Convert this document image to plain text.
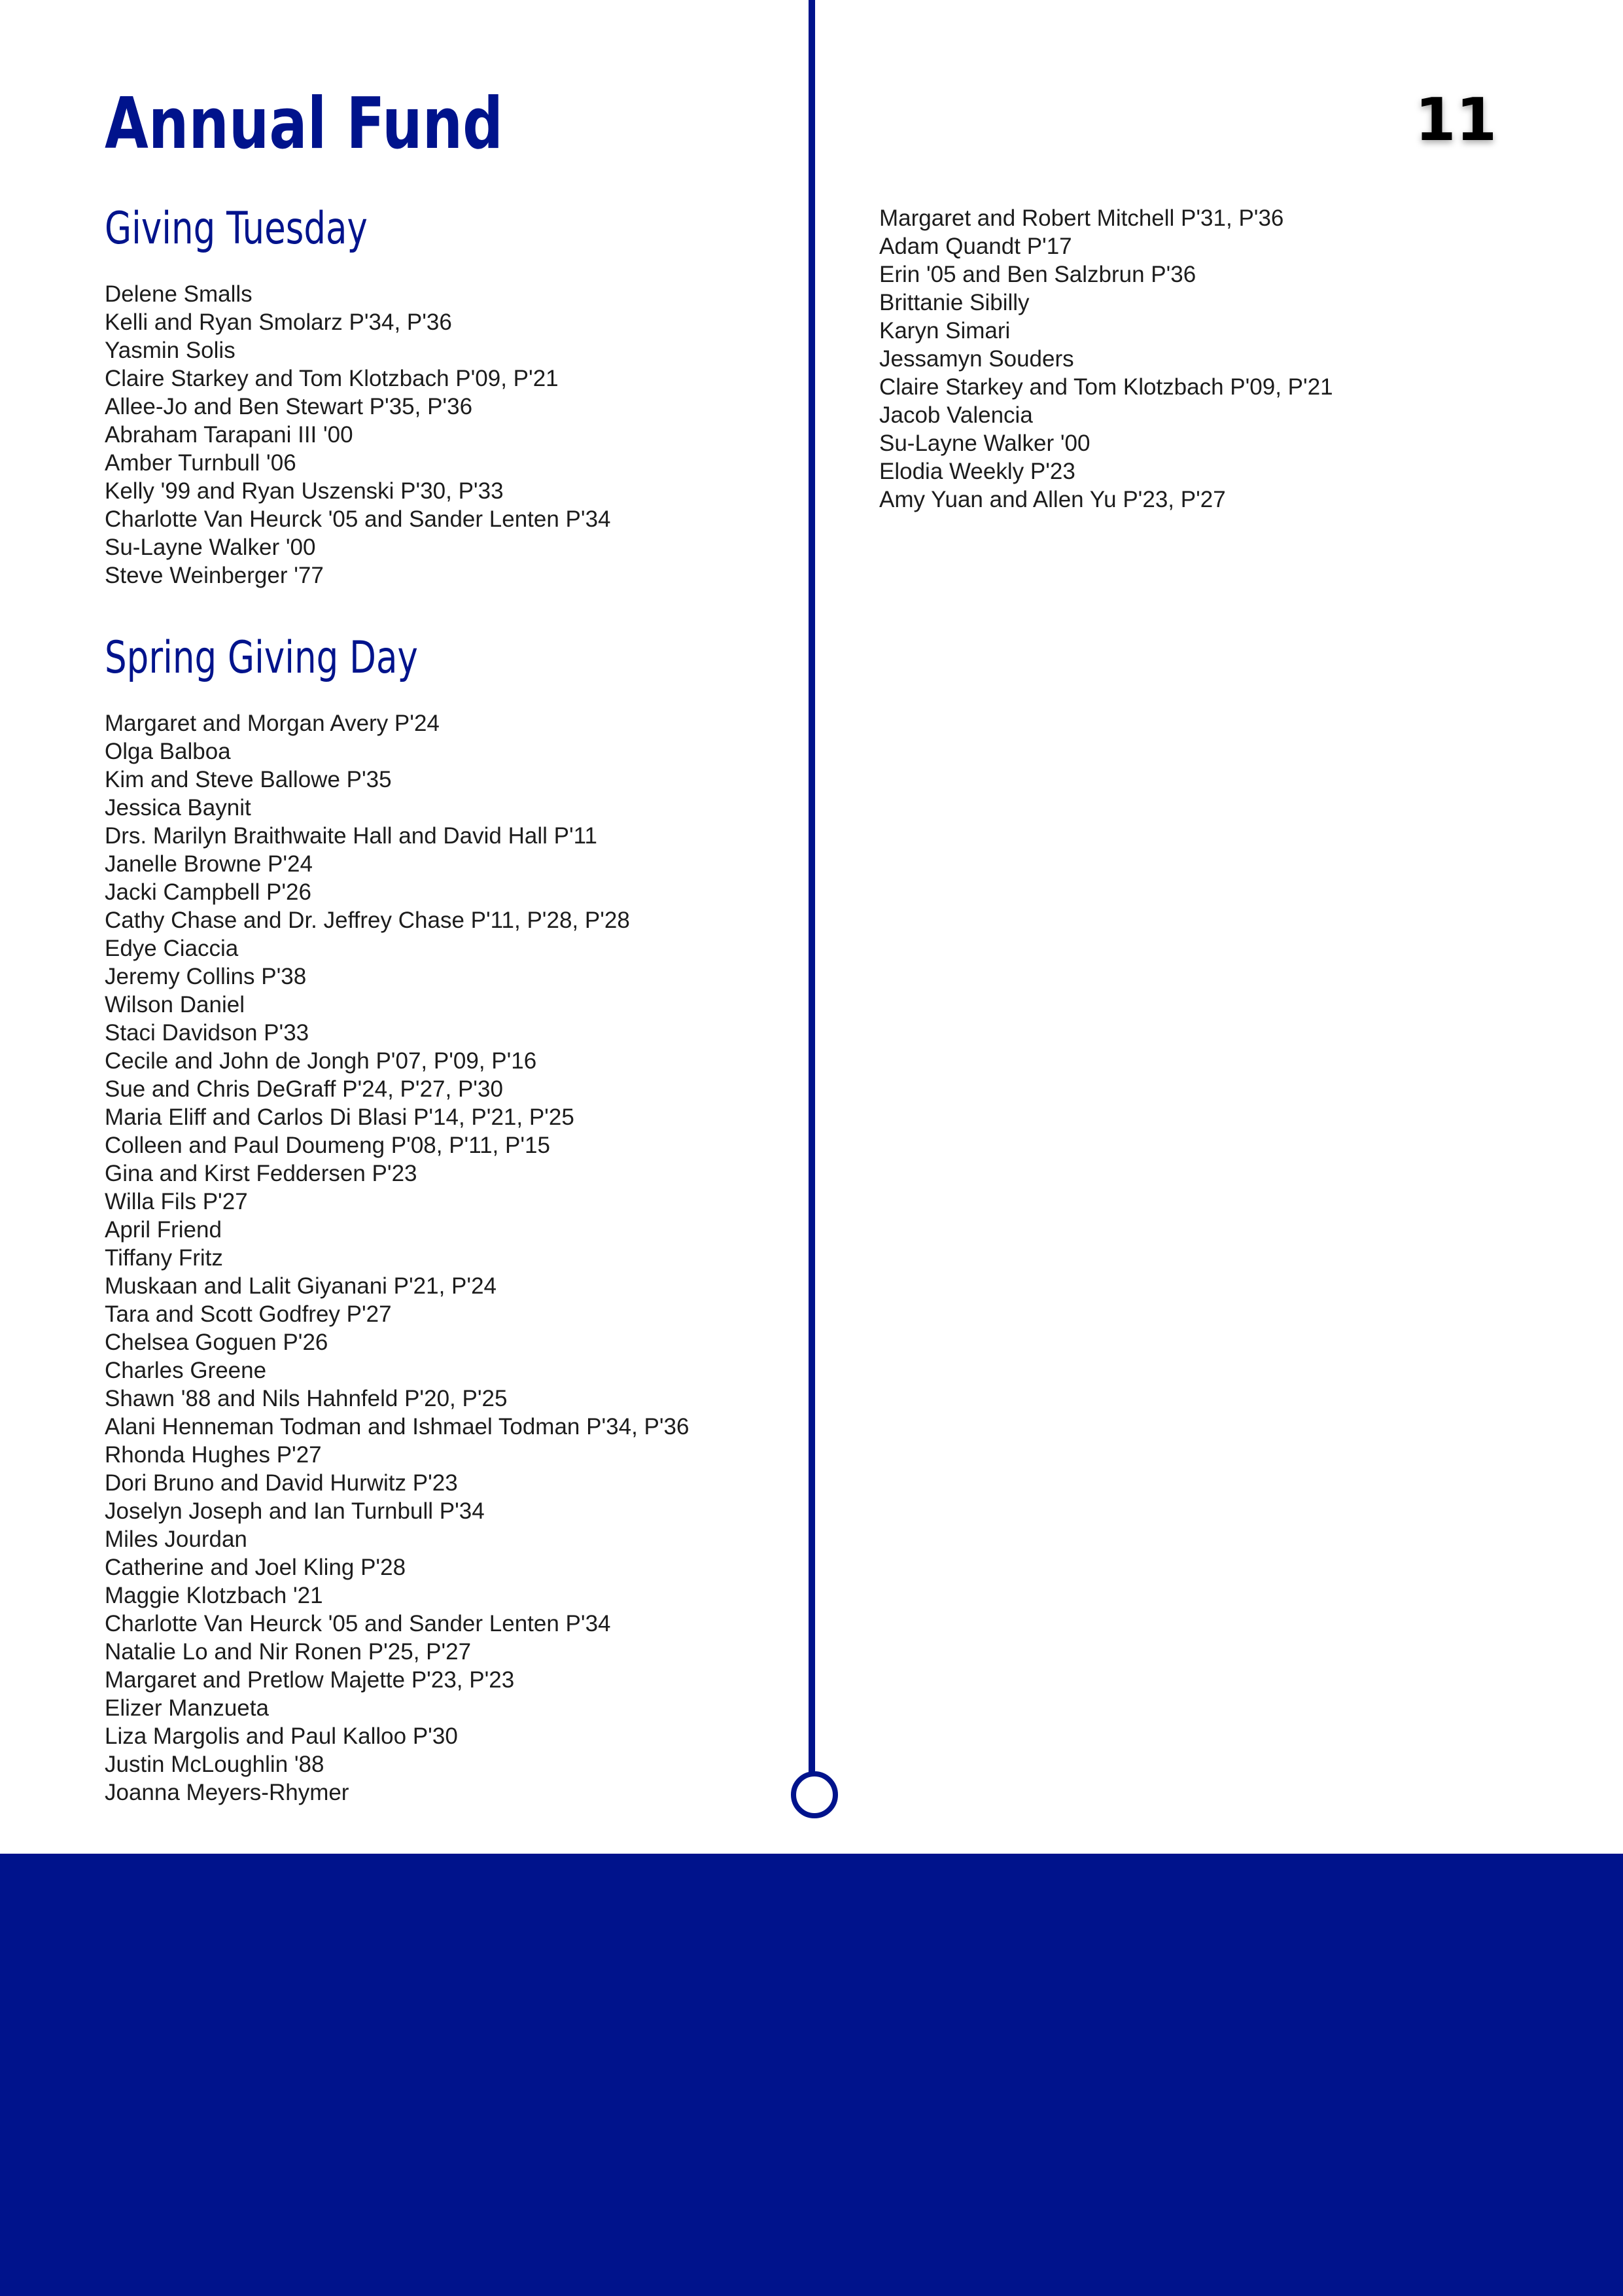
Annual Fund	11
Giving Tuesday
Delene Smalls
Kelli and Ryan Smolarz P'34, P'36
Yasmin Solis
Claire Starkey and Tom Klotzbach P'09, P'21
Allee-Jo and Ben Stewart P'35, P'36
Abraham Tarapani III '00
Amber Turnbull '06
Kelly '99 and Ryan Uszenski P'30, P'33
Charlotte Van Heurck '05 and Sander Lenten P'34
Su-Layne Walker '00
Steve Weinberger '77
Spring Giving Day
Margaret and Morgan Avery P'24
Olga Balboa
Kim and Steve Ballowe P'35
Jessica Baynit
Drs. Marilyn Braithwaite Hall and David Hall P'11
Janelle Browne P'24
Jacki Campbell P'26
Cathy Chase and Dr. Jeffrey Chase P'11, P'28, P'28
Edye Ciaccia
Jeremy Collins P'38
Wilson Daniel
Staci Davidson P'33
Cecile and John de Jongh P'07, P'09, P'16
Sue and Chris DeGraff P'24, P'27, P'30
Maria Eliff and Carlos Di Blasi P'14, P'21, P'25
Colleen and Paul Doumeng P'08, P'11, P'15
Gina and Kirst Feddersen P'23
Willa Fils P'27
April Friend
Tiffany Fritz
Muskaan and Lalit Giyanani P'21, P'24
Tara and Scott Godfrey P'27
Chelsea Goguen P'26
Charles Greene
Shawn '88 and Nils Hahnfeld P'20, P'25
Alani Henneman Todman and Ishmael Todman P'34, P'36
Rhonda Hughes P'27
Dori Bruno and David Hurwitz P'23
Joselyn Joseph and Ian Turnbull P'34
Miles Jourdan
Catherine and Joel Kling P'28
Maggie Klotzbach '21
Charlotte Van Heurck '05 and Sander Lenten P'34
Natalie Lo and Nir Ronen P'25, P'27
Margaret and Pretlow Majette P'23, P'23
Elizer Manzueta
Liza Margolis and Paul Kalloo P'30
Justin McLoughlin '88
Joanna Meyers-Rhymer
Margaret and Robert Mitchell P'31, P'36
Adam Quandt P'17
Erin '05 and Ben Salzbrun P'36
Brittanie Sibilly
Karyn Simari
Jessamyn Souders
Claire Starkey and Tom Klotzbach P'09, P'21
Jacob Valencia
Su-Layne Walker '00
Elodia Weekly P'23
Amy Yuan and Allen Yu P'23, P'27
